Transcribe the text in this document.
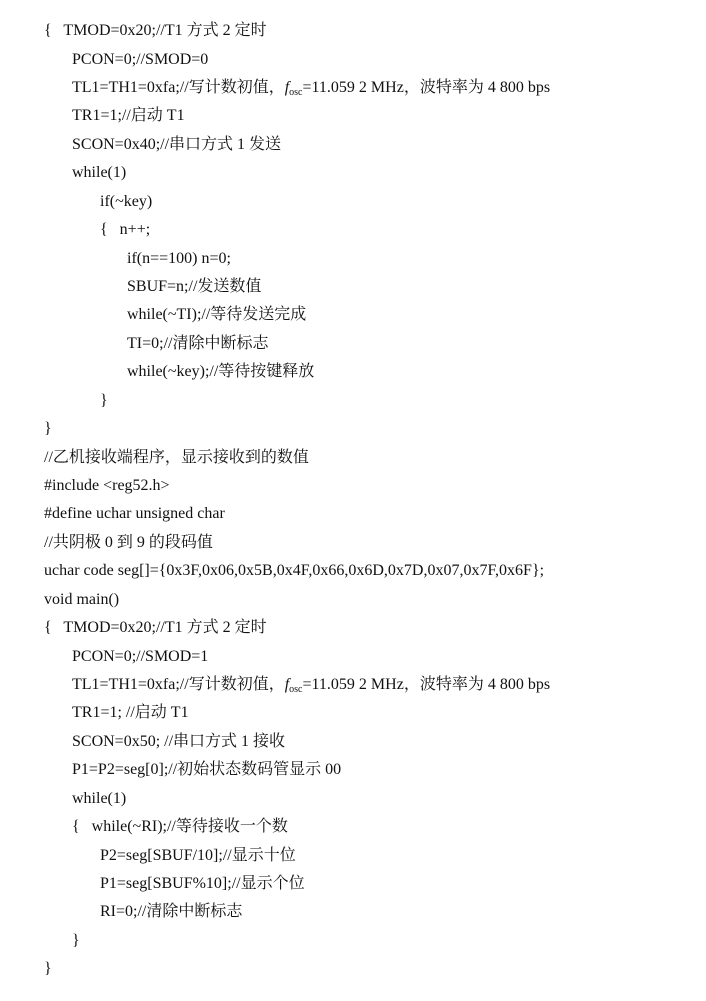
{   TMOD=0x20;//T1 方式 2 定时
PCON=0;//SMOD=0
TL1=TH1=0xfa;//写计数初值，$f_{osc}=11.059$ 2 MHz，波特率为 4 800 bps
TR1=1;//启动 T1
SCON=0x40;//串口方式 1 发送
while(1)
if(~key)
{   n++;
if(n==100) n=0;
SBUF=n;//发送数值
while(~TI);//等待发送完成
TI=0;//清除中断标志
while(~key);//等待按键释放
}
}
//乙机接收端程序，显示接收到的数值
#include <reg52.h>
#define uchar unsigned char
//共阴极 0 到 9 的段码值
uchar code seg[]={0x3F,0x06,0x5B,0x4F,0x66,0x6D,0x7D,0x07,0x7F,0x6F};
void main()
{   TMOD=0x20;//T1 方式 2 定时
PCON=0;//SMOD=1
TL1=TH1=0xfa;//写计数初值，$f_{osc}=11.059$ 2 MHz，波特率为 4 800 bps
TR1=1; //启动 T1
SCON=0x50; //串口方式 1 接收
P1=P2=seg[0];//初始状态数码管显示 00
while(1)
{   while(~RI);//等待接收一个数
P2=seg[SBUF/10];//显示十位
P1=seg[SBUF%10];//显示个位
RI=0;//清除中断标志
}
}
